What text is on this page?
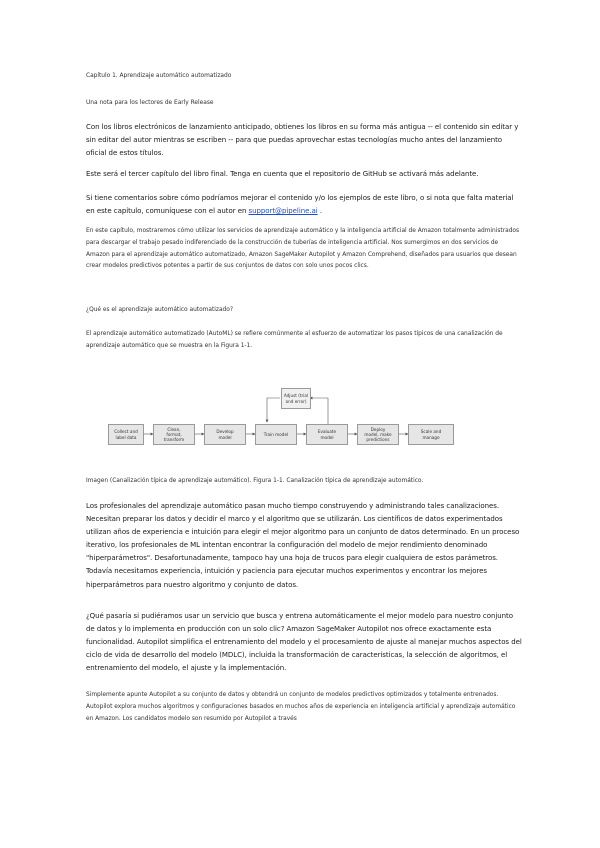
Capítulo 1. Aprendizaje automático automatizado

Una nota para los lectores de Early Release

Con los libros electrónicos de lanzamiento anticipado, obtienes los libros en su forma más antigua -- el contenido sin editar y sin editar del autor mientras se escriben -- para que puedas aprovechar estas tecnologías mucho antes del lanzamiento oficial de estos títulos.

Este será el tercer capítulo del libro final. Tenga en cuenta que el repositorio de GitHub se activará más adelante.

Si tiene comentarios sobre cómo podríamos mejorar el contenido y/o los ejemplos de este libro, o si nota que falta material en este capítulo, comuníquese con el autor en support@pipeline.ai .

En este capítulo, mostraremos cómo utilizar los servicios de aprendizaje automático y la inteligencia artificial de Amazon totalmente administrados para descargar el trabajo pesado indiferenciado de la construcción de tuberías de inteligencia artificial. Nos sumergimos en dos servicios de Amazon para el aprendizaje automático automatizado, Amazon SageMaker Autopilot y Amazon Comprehend, diseñados para usuarios que desean crear modelos predictivos potentes a partir de sus conjuntos de datos con solo unos pocos clics.

¿Qué es el aprendizaje automático automatizado?

El aprendizaje automático automatizado (AutoML) se refiere comúnmente al esfuerzo de automatizar los pasos típicos de una canalización de aprendizaje automático que se muestra en la Figura 1-1.

Adjust (trial
and error)
Collect and
label data
Clean,
format,
transform
Develop
model
Train model
Evaluate
model
Deploy
model, make
predictions
Scale and
manage

Imagen (Canalización típica de aprendizaje automático). Figura 1-1. Canalización típica de aprendizaje automático.

Los profesionales del aprendizaje automático pasan mucho tiempo construyendo y administrando tales canalizaciones. Necesitan preparar los datos y decidir el marco y el algoritmo que se utilizarán. Los científicos de datos experimentados utilizan años de experiencia e intuición para elegir el mejor algoritmo para un conjunto de datos determinado. En un proceso iterativo, los profesionales de ML intentan encontrar la configuración del modelo de mejor rendimiento denominado "hiperparámetros". Desafortunadamente, tampoco hay una hoja de trucos para elegir cualquiera de estos parámetros. Todavía necesitamos experiencia, intuición y paciencia para ejecutar muchos experimentos y encontrar los mejores hiperparámetros para nuestro algoritmo y conjunto de datos.

¿Qué pasaría si pudiéramos usar un servicio que busca y entrena automáticamente el mejor modelo para nuestro conjunto de datos y lo implementa en producción con un solo clic? Amazon SageMaker Autopilot nos ofrece exactamente esta funcionalidad. Autopilot simplifica el entrenamiento del modelo y el procesamiento de ajuste al manejar muchos aspectos del ciclo de vida de desarrollo del modelo (MDLC), incluida la transformación de características, la selección de algoritmos, el entrenamiento del modelo, el ajuste y la implementación.

Simplemente apunte Autopilot a su conjunto de datos y obtendrá un conjunto de modelos predictivos optimizados y totalmente entrenados. Autopilot explora muchos algoritmos y configuraciones basados en muchos años de experiencia en inteligencia artificial y aprendizaje automático en Amazon. Los candidatos modelo son resumido por Autopilot a través
